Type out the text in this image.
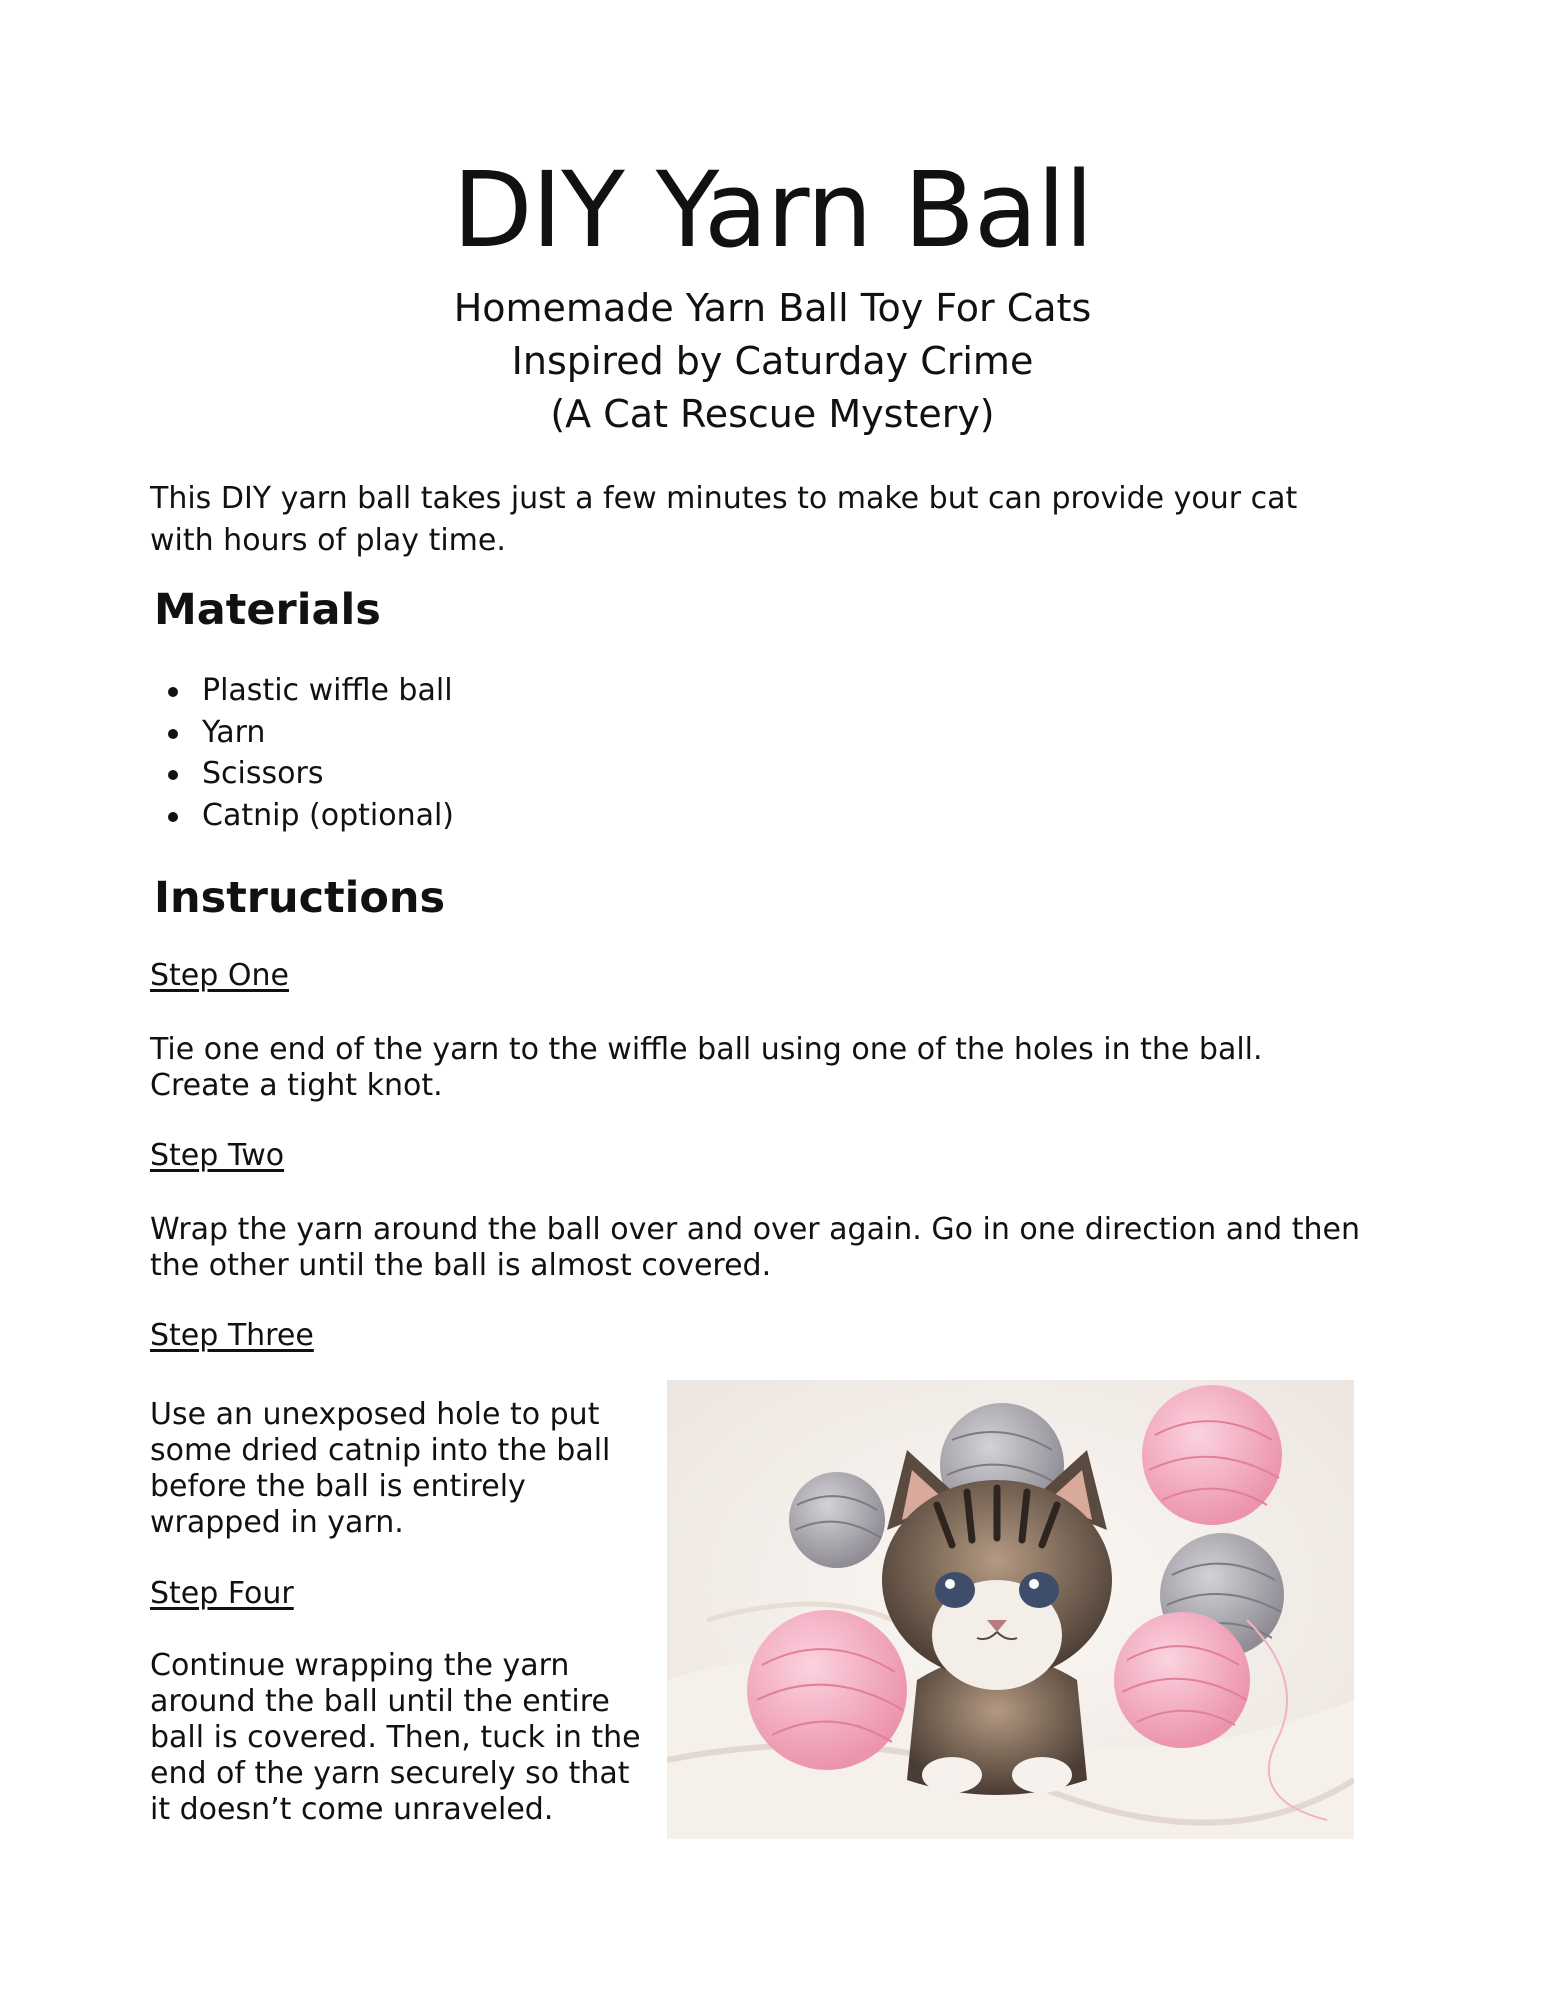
DIY Yarn Ball
Homemade Yarn Ball Toy For Cats
Inspired by Caturday Crime
(A Cat Rescue Mystery)
This DIY yarn ball takes just a few minutes to make but can provide your cat with hours of play time.
Materials
Plastic wiffle ball
Yarn
Scissors
Catnip (optional)
Instructions
Step One
Tie one end of the yarn to the wiffle ball using one of the holes in the ball. Create a tight knot.
Step Two
Wrap the yarn around the ball over and over again. Go in one direction and then the other until the ball is almost covered.
Step Three
Use an unexposed hole to put some dried catnip into the ball before the ball is entirely wrapped in yarn.
Step Four
Continue wrapping the yarn around the ball until the entire ball is covered. Then, tuck in the end of the yarn securely so that it doesn’t come unraveled.
